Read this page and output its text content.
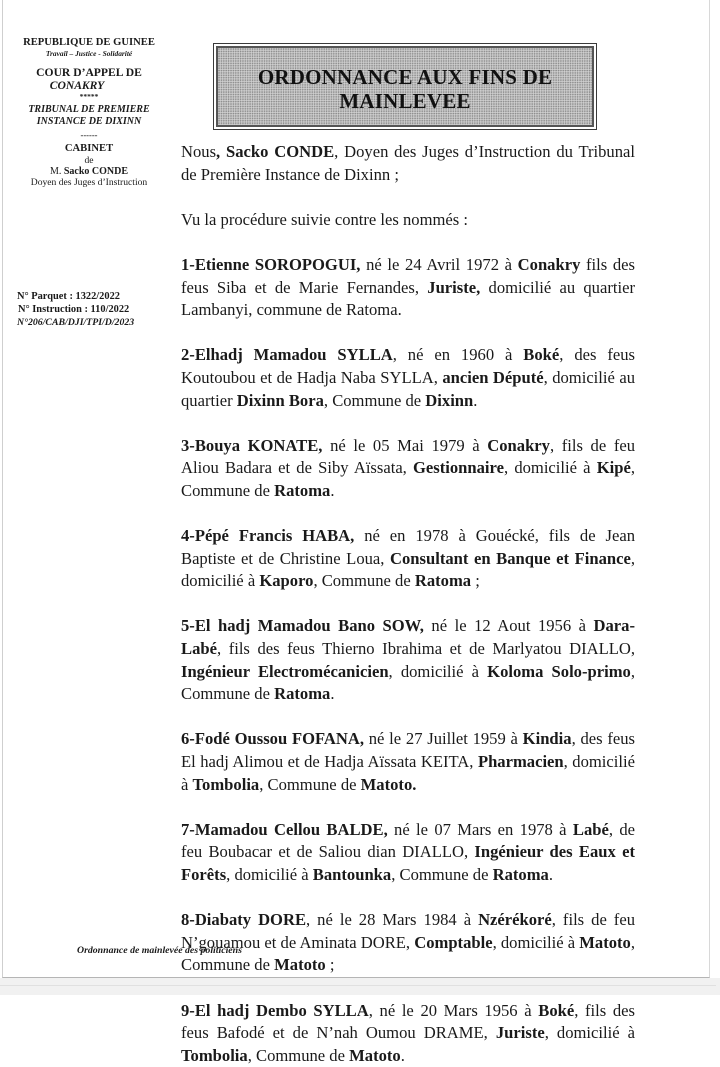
REPUBLIQUE DE GUINEE
Travail – Justice - Solidarité
COUR D’APPEL DE
CONAKRY
*****
TRIBUNAL DE PREMIERE
INSTANCE DE DIXINN
------
CABINET
de
M. Sacko CONDE
Doyen des Juges d’Instruction
N° Parquet : 1322/2022
N° Instruction : 110/2022
N°206/CAB/DJI/TPI/D/2023
ORDONNANCE AUX FINS DE
MAINLEVEE

Nous, Sacko CONDE, Doyen des Juges d’Instruction du Tribunal de Première Instance de Dixinn ;

Vu la procédure suivie contre les nommés :

1-Etienne SOROPOGUI, né le 24 Avril 1972 à Conakry fils des feus Siba et de Marie Fernandes, Juriste, domicilié au quartier Lambanyi, commune de Ratoma.

2-Elhadj Mamadou SYLLA, né en 1960 à Boké, des feus Koutoubou et de Hadja Naba SYLLA, ancien Député, domicilié au quartier Dixinn Bora, Commune de Dixinn.

3-Bouya KONATE, né le 05 Mai 1979 à Conakry, fils de feu Aliou Badara et de Siby Aïssata, Gestionnaire, domicilié à Kipé, Commune de Ratoma.

4-Pépé Francis HABA, né en 1978 à Gouécké, fils de Jean Baptiste et de Christine Loua, Consultant en Banque et Finance, domicilié à Kaporo, Commune de Ratoma ;

5-El hadj Mamadou Bano SOW, né le 12 Aout 1956 à Dara-Labé, fils des feus Thierno Ibrahima et de Marlyatou DIALLO, Ingénieur Electromécanicien, domicilié à Koloma Solo-primo, Commune de Ratoma.

6-Fodé Oussou FOFANA, né le 27 Juillet 1959 à Kindia, des feus El hadj Alimou et de Hadja Aïssata KEITA, Pharmacien, domicilié à Tombolia, Commune de Matoto.

7-Mamadou Cellou BALDE, né le 07 Mars en 1978 à Labé, de feu Boubacar et de Saliou dian DIALLO, Ingénieur des Eaux et Forêts, domicilié à Bantounka, Commune de Ratoma.

8-Diabaty DORE, né le 28 Mars 1984 à Nzérékoré, fils de feu N’gouamou et de Aminata DORE, Comptable, domicilié à Matoto, Commune de Matoto ;

9-El hadj Dembo SYLLA, né le 20 Mars 1956 à Boké, fils des feus Bafodé et de N’nah Oumou DRAME, Juriste, domicilié à Tombolia, Commune de Matoto.

Ordonnance de mainlevée des politiciens
